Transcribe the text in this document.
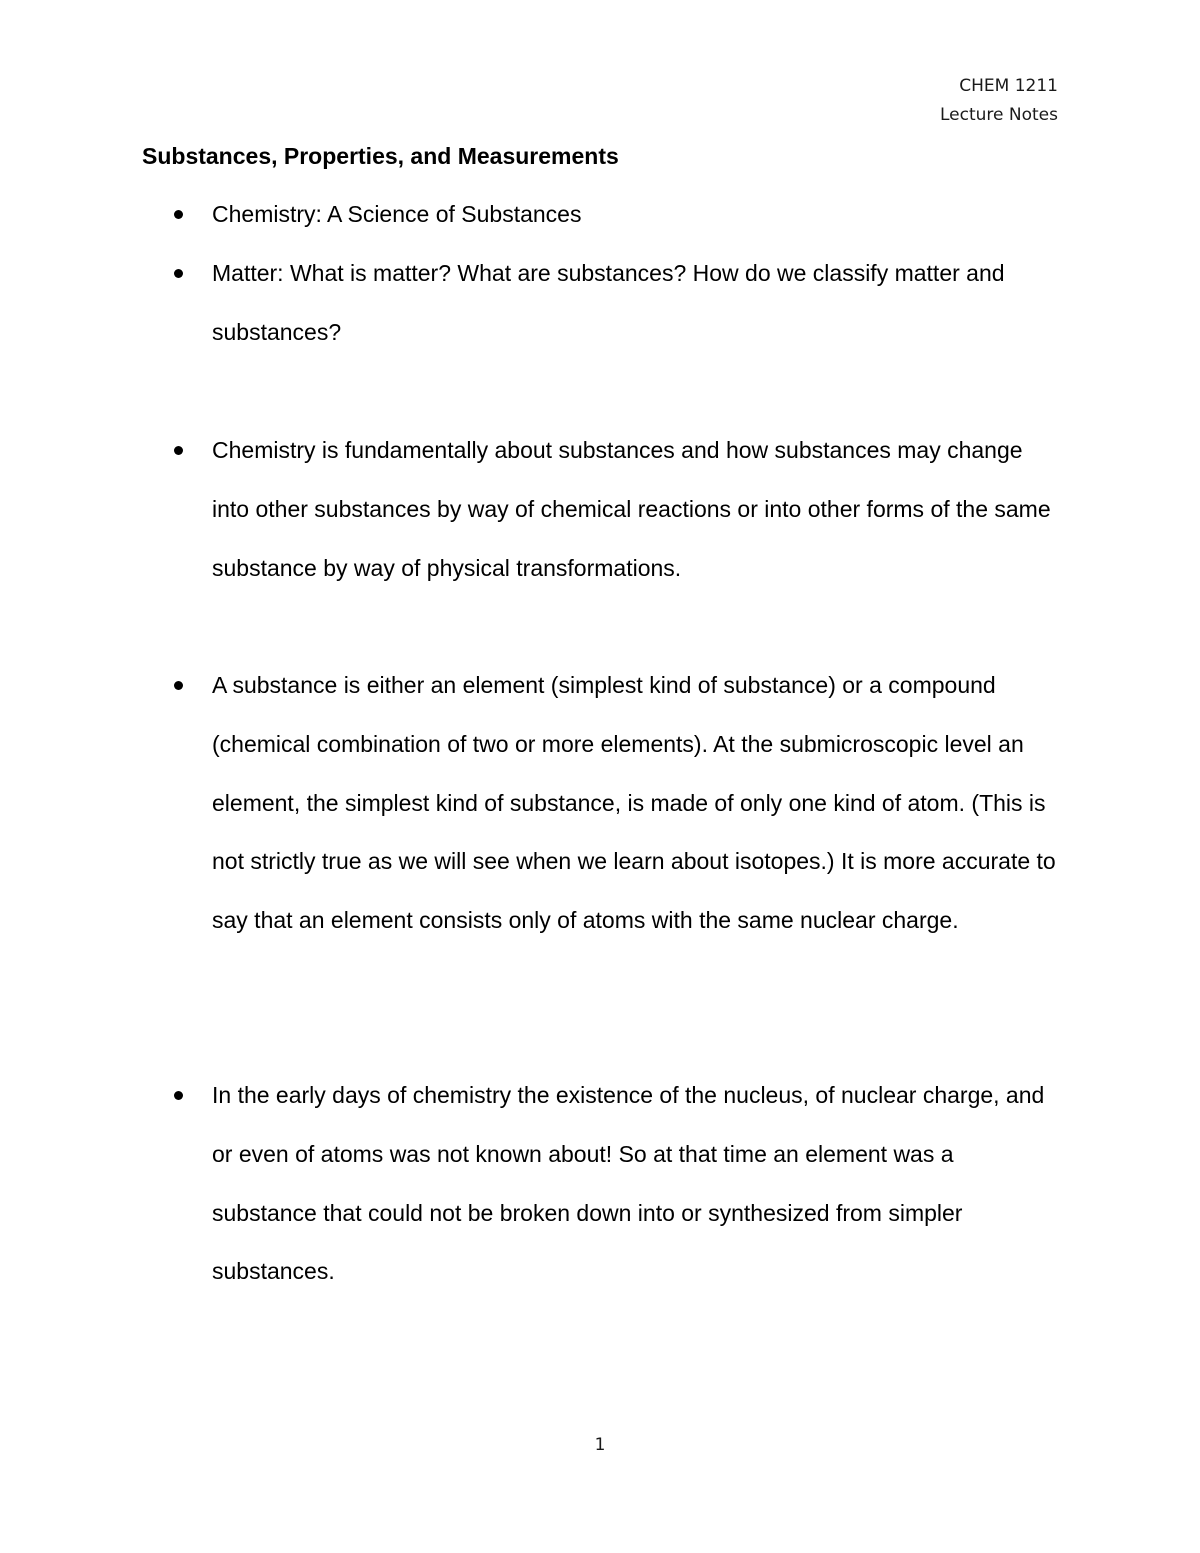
CHEM 1211
Lecture Notes
Substances, Properties, and Measurements
Chemistry: A Science of Substances
Matter: What is matter? What are substances? How do we classify matter and substances?
Chemistry is fundamentally about substances and how substances may change into other substances by way of chemical reactions or into other forms of the same substance by way of physical transformations.
A substance is either an element (simplest kind of substance) or a compound (chemical combination of two or more elements). At the submicroscopic level an element, the simplest kind of substance, is made of only one kind of atom. (This is not strictly true as we will see when we learn about isotopes.) It is more accurate to say that an element consists only of atoms with the same nuclear charge.
In the early days of chemistry the existence of the nucleus, of nuclear charge, and or even of atoms was not known about! So at that time an element was a substance that could not be broken down into or synthesized from simpler substances.
1
